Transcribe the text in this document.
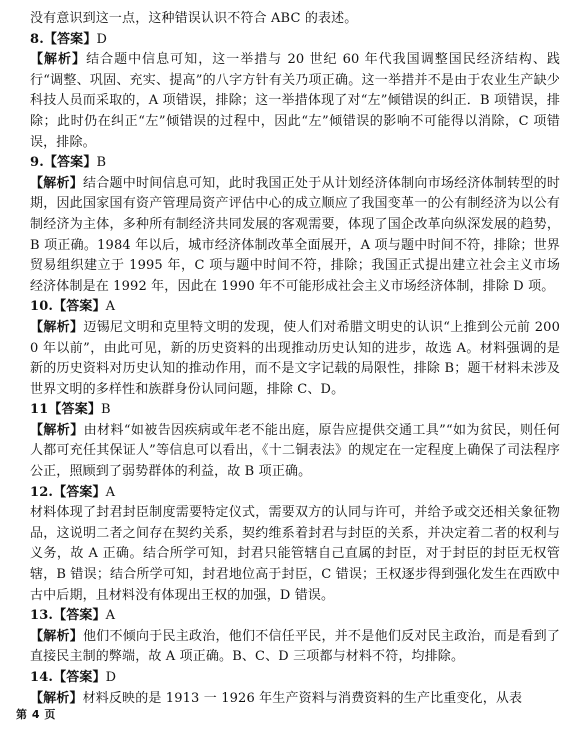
没有意识到这一点，这种错误认识不符合 ABC 的表述。

8.【答案】D

【解析】结合题中信息可知，这一举措与 20 世纪 60 年代我国调整国民经济结构、践行“调整、巩固、充实、提高”的八字方针有关乃项正确。这一举措并不是由于农业生产缺少科技人员而采取的，A 项错误，排除；这一举措体现了对“左”倾错误的纠正．B 项错误，排除；此时仍在纠正“左”倾错误的过程中，因此“左”倾错误的影响不可能得以消除，C 项错误，排除。

9.【答案】B

【解析】结合题中时间信息可知，此时我国正处于从计划经济体制向市场经济体制转型的时期，因此国家国有资产管理局资产评估中心的成立顺应了我国变革一的公有制经济为以公有制经济为主体，多种所有制经济共同发展的客观需要，体现了国企改革向纵深发展的趋势，B 项正确。1984 年以后，城市经济体制改革全面展开，A 项与题中时间不符，排除；世界贸易组织建立于 1995 年，C 项与题中时间不符，排除；我国正式提出建立社会主义市场经济体制是在 1992 年，因此在 1990 年不可能形成社会主义市场经济体制，排除 D 项。

10.【答案】A

【解析】迈锡尼文明和克里特文明的发现，使人们对希腊文明史的认识“上推到公元前 2000 年以前”，由此可见，新的历史资料的出现推动历史认知的进步，故选 A。材料强调的是新的历史资料对历史认知的推动作用，而不是文字记载的局限性，排除 B；题干材料未涉及世界文明的多样性和族群身份认同问题，排除 C、D。

11【答案】B

【解析】由材料“如被告因疾病或年老不能出庭，原告应提供交通工具”“如为贫民，则任何人都可充任其保证人”等信息可以看出，《十二铜表法》的规定在一定程度上确保了司法程序公正，照顾到了弱势群体的利益，故 B 项正确。

12.【答案】A

材料体现了封君封臣制度需要特定仪式，需要双方的认同与许可，并给予或交还相关象征物品，这说明二者之间存在契约关系，契约维系着封君与封臣的关系，并决定着二者的权利与义务，故 A 正确。结合所学可知，封君只能管辖自己直属的封臣，对于封臣的封臣无权管辖，B 错误；结合所学可知，封君地位高于封臣，C 错误；王权逐步得到强化发生在西欧中古中后期，且材料没有体现出王权的加强，D 错误。

13.【答案】A

【解析】他们不倾向于民主政治，他们不信任平民，并不是他们反对民主政治，而是看到了直接民主制的弊端，故 A 项正确。B、C、D 三项都与材料不符，均排除。

14.【答案】D

【解析】材料反映的是 1913 一 1926 年生产资料与消费资料的生产比重变化，从表

第 4 页
